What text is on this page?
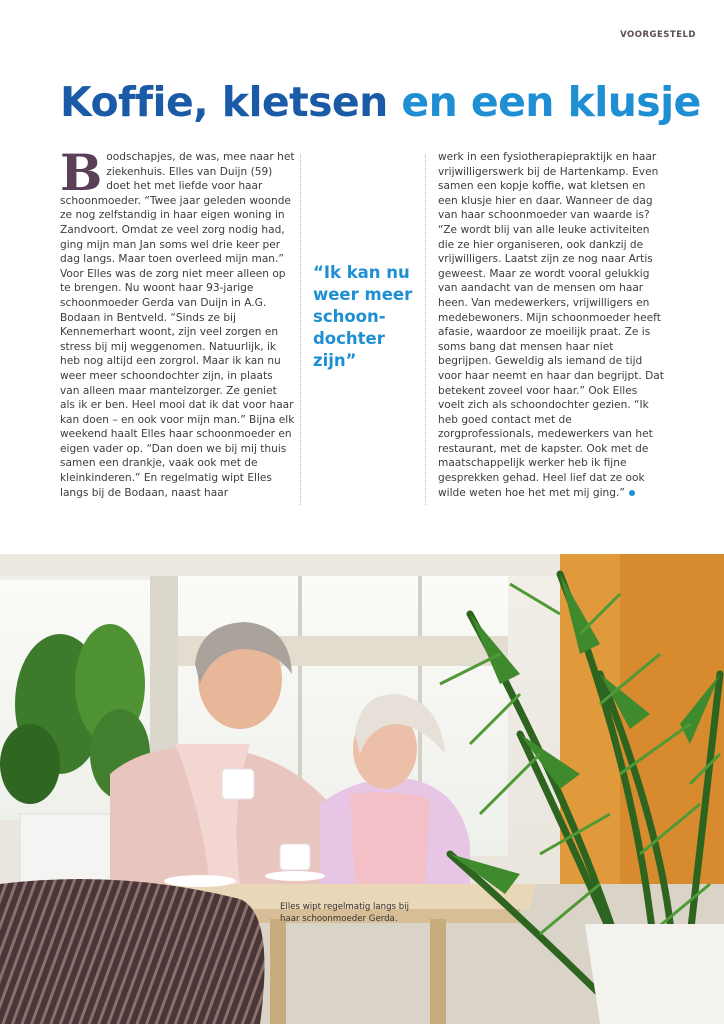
VOORGESTELD
Koffie, kletsen en een klusje
B oodschapjes, de was, mee naar het ziekenhuis. Elles van Duijn (59) doet het met liefde voor haar schoonmoeder. “Twee jaar geleden woonde ze nog zelfstandig in haar eigen woning in Zandvoort. Omdat ze veel zorg nodig had, ging mijn man Jan soms wel drie keer per dag langs. Maar toen overleed mijn man.” Voor Elles was de zorg niet meer alleen op te brengen. Nu woont haar 93-jarige schoonmoeder Gerda van Duijn in A.G. Bodaan in Bentveld. “Sinds ze bij Kennemerhart woont, zijn veel zorgen en stress bij mij weggenomen. Natuurlijk, ik heb nog altijd een zorgrol. Maar ik kan nu weer meer schoondochter zijn, in plaats van alleen maar mantelzorger. Ze geniet als ik er ben. Heel mooi dat ik dat voor haar kan doen – en ook voor mijn man.” Bijna elk weekend haalt Elles haar schoonmoeder en eigen vader op. “Dan doen we bij mij thuis samen een drankje, vaak ook met de kleinkinderen.” En regelmatig wipt Elles langs bij de Bodaan, naast haar

“Ik kan nu weer meer schoon-dochter zijn”

werk in een fysiotherapiepraktijk en haar vrijwilligerswerk bij de Hartenkamp. Even samen een kopje koffie, wat kletsen en een klusje hier en daar. Wanneer de dag van haar schoonmoeder van waarde is? “Ze wordt blij van alle leuke activiteiten die ze hier organiseren, ook dankzij de vrijwilligers. Laatst zijn ze nog naar Artis geweest. Maar ze wordt vooral gelukkig van aandacht van de mensen om haar heen. Van medewerkers, vrijwilligers en medebewoners. Mijn schoonmoeder heeft afasie, waardoor ze moeilijk praat. Ze is soms bang dat mensen haar niet begrijpen. Geweldig als iemand de tijd voor haar neemt en haar dan begrijpt. Dat betekent zoveel voor haar.” Ook Elles voelt zich als schoondochter gezien. “Ik heb goed contact met de zorgprofessionals, medewerkers van het restaurant, met de kapster. Ook met de maatschappelijk werker heb ik fijne gesprekken gehad. Heel lief dat ze ook wilde weten hoe het met mij ging.”

Elles wipt regelmatig langs bij haar schoonmoeder Gerda.
